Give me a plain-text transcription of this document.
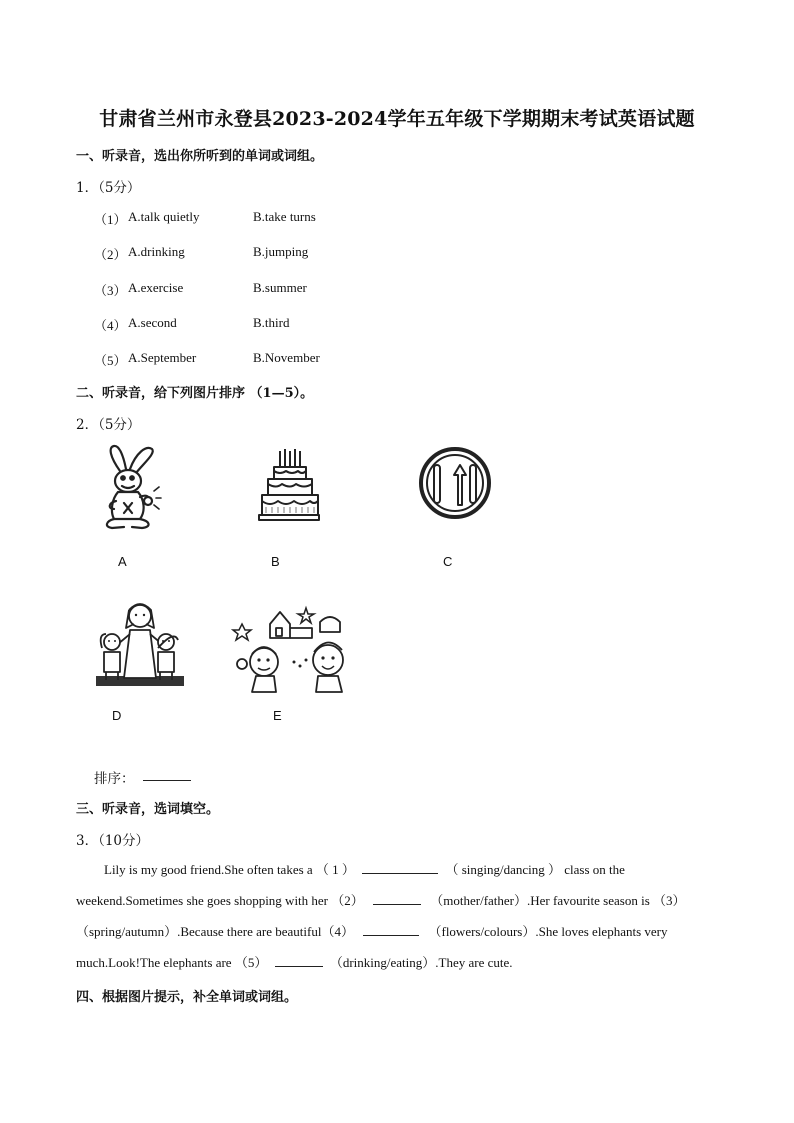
甘肃省兰州市永登县2023-2024学年五年级下学期期末考试英语试题
一、听录音，选出你所听到的单词或词组。
1．（5分）
（1） A.talk quietly	B.take turns
（2） A.drinking	B.jumping
（3） A.exercise	B.summer
（4） A.second	B.third
（5） A.September	B.November
二、听录音，给下列图片排序 （1—5）。
2．（5分）
A	B	C
D	E
排序：
三、听录音，选词填空。
3．（10分）
Lily is my good friend.She often takes a （ 1 ）	（ singing/dancing ） class on the
weekend.Sometimes she goes shopping with her （2）	（mother/father）.Her favourite season is （3）
（spring/autumn）.Because there are beautiful（4）	（flowers/colours）.She loves elephants very
much.Look!The elephants are （5）	（drinking/eating）.They are cute.
四、根据图片提示，补全单词或词组。
